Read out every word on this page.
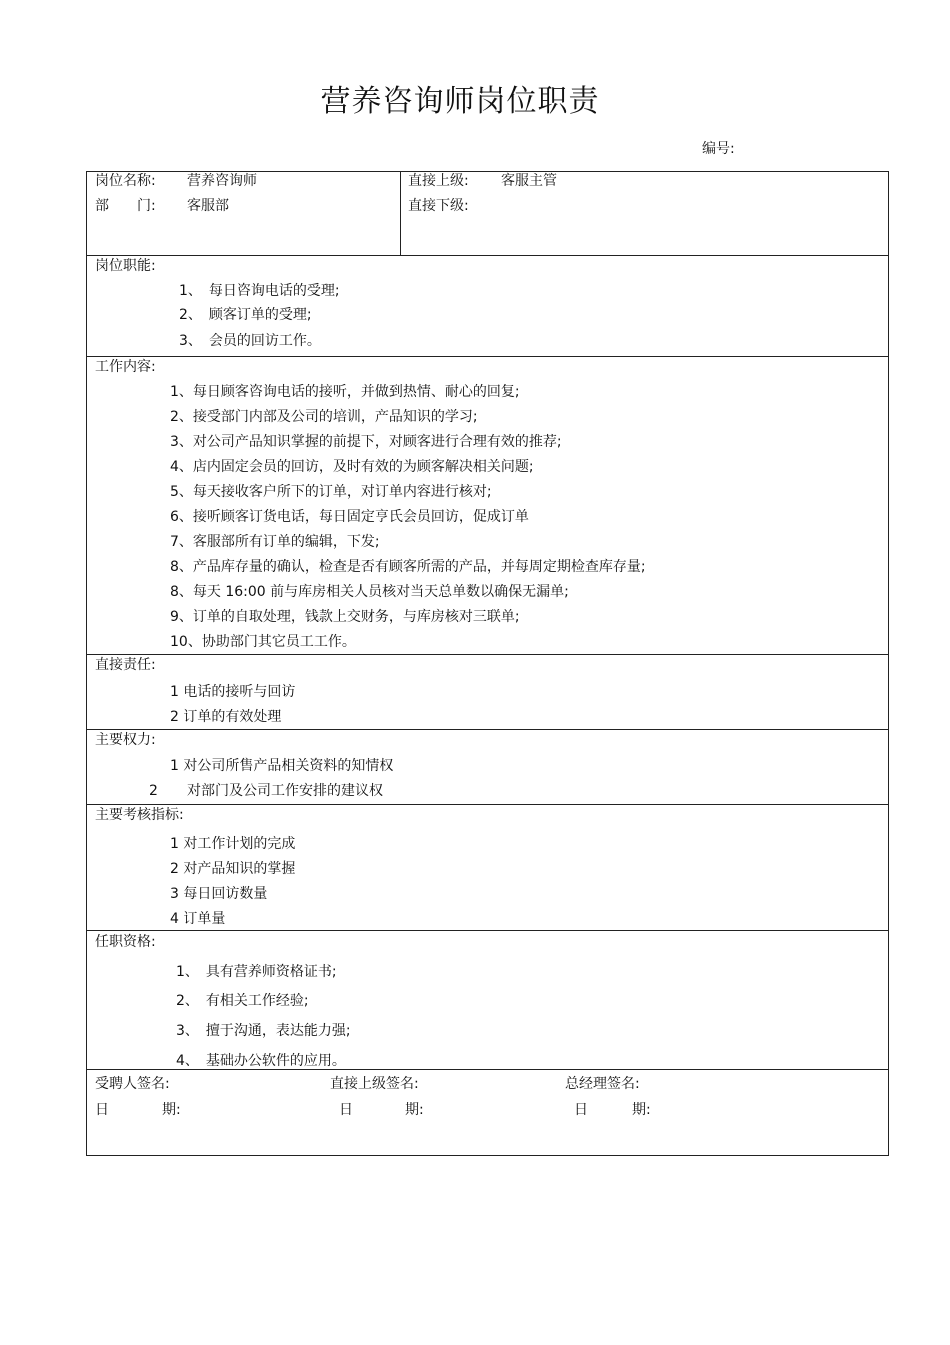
营养咨询师岗位职责
编号:
岗位名称: 营养咨询师
部　　门: 客服部
直接上级: 客服主管
直接下级:
岗位职能:
1、　每日咨询电话的受理;
2、　顾客订单的受理;
3、　会员的回访工作。
工作内容:
1、每日顾客咨询电话的接听，并做到热情、耐心的回复;
2、接受部门内部及公司的培训，产品知识的学习;
3、对公司产品知识掌握的前提下，对顾客进行合理有效的推荐;
4、店内固定会员的回访，及时有效的为顾客解决相关问题;
5、每天接收客户所下的订单，对订单内容进行核对;
6、接听顾客订货电话，每日固定亨氏会员回访，促成订单
7、客服部所有订单的编辑，下发;
8、产品库存量的确认，检查是否有顾客所需的产品，并每周定期检查库存量;
8、每天 16:00 前与库房相关人员核对当天总单数以确保无漏单;
9、订单的自取处理，钱款上交财务，与库房核对三联单;
10、协助部门其它员工工作。
直接责任:
1 电话的接听与回访
2 订单的有效处理
主要权力:
1 对公司所售产品相关资料的知情权
2 对部门及公司工作安排的建议权
主要考核指标:
1 对工作计划的完成
2 对产品知识的掌握
3 每日回访数量
4 订单量
任职资格:
1、　具有营养师资格证书;
2、　有相关工作经验;
3、　擅于沟通，表达能力强;
4、　基础办公软件的应用。
受聘人签名:	直接上级签名:	总经理签名:
日	期:	日	期:	日	期:
